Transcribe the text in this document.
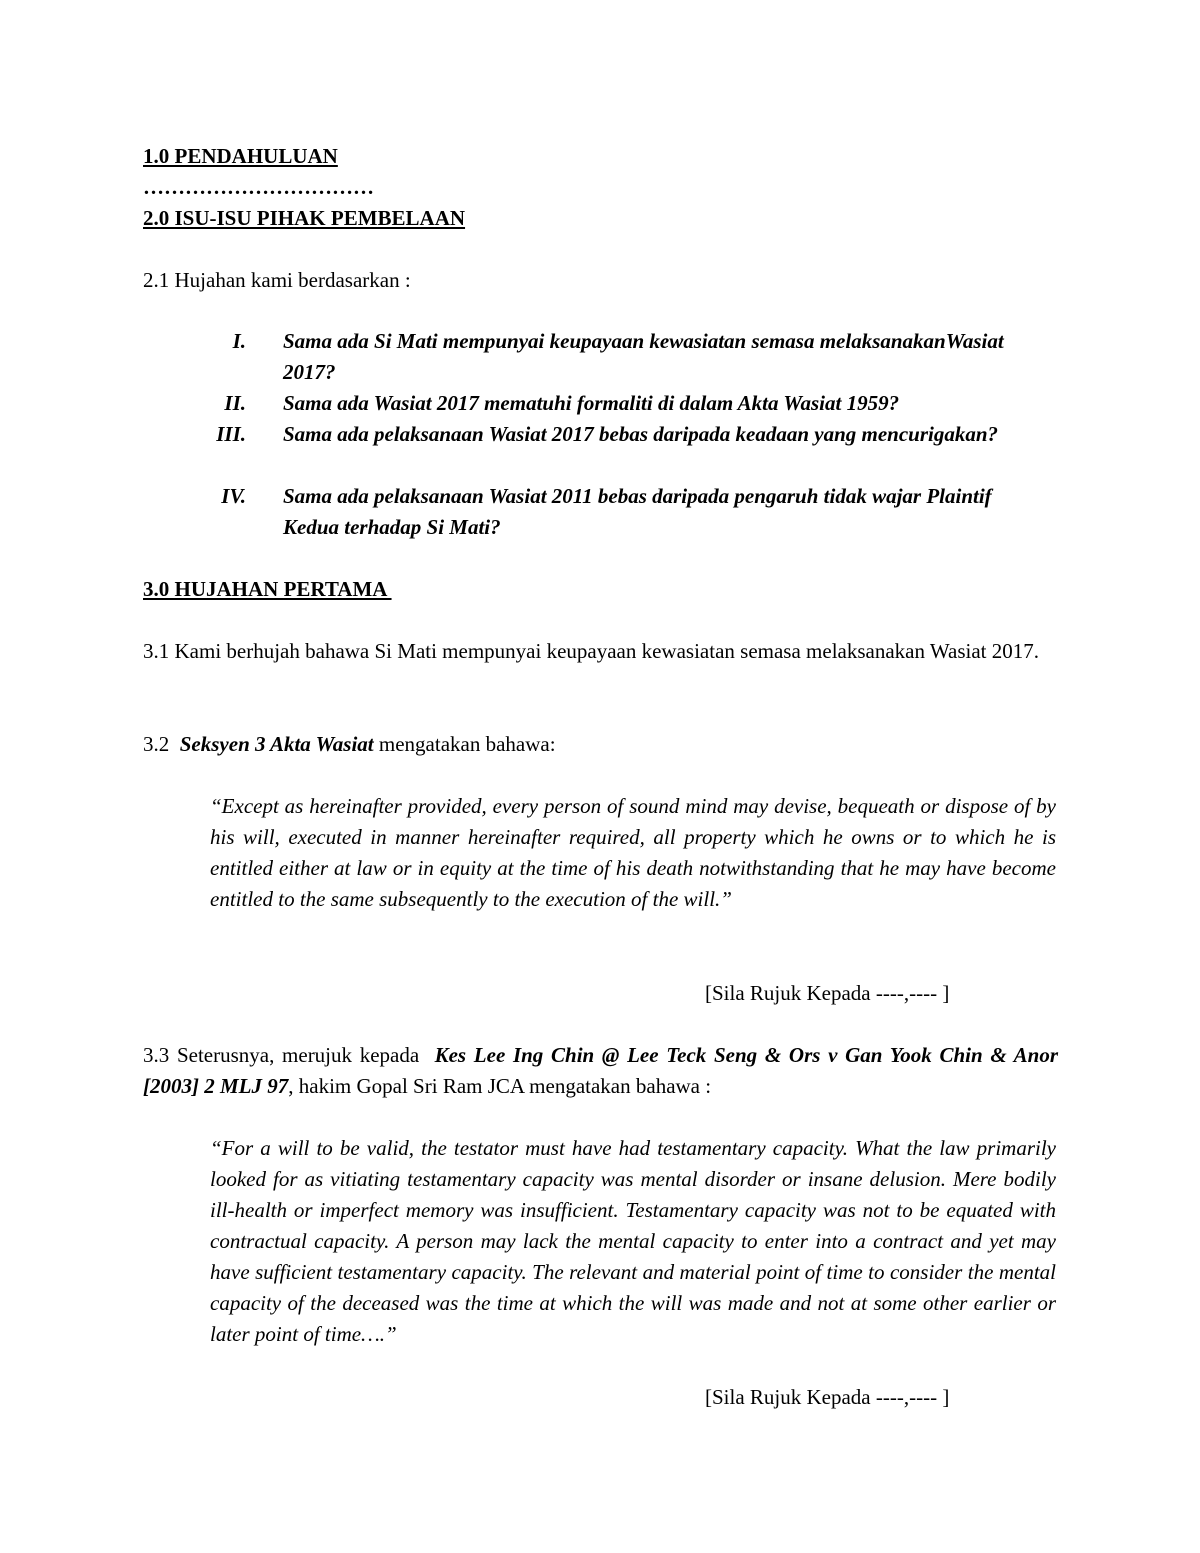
1.0 PENDAHULUAN
……………………………
2.0 ISU-ISU PIHAK PEMBELAAN
2.1 Hujahan kami berdasarkan :
I. Sama ada Si Mati mempunyai keupayaan kewasiatan semasa melaksanakanWasiat 2017?
II. Sama ada Wasiat 2017 mematuhi formaliti di dalam Akta Wasiat 1959?
III. Sama ada pelaksanaan Wasiat 2017 bebas daripada keadaan yang mencurigakan?
IV. Sama ada pelaksanaan Wasiat 2011 bebas daripada pengaruh tidak wajar Plaintif Kedua terhadap Si Mati?
3.0 HUJAHAN PERTAMA
3.1 Kami berhujah bahawa Si Mati mempunyai keupayaan kewasiatan semasa melaksanakan Wasiat 2017.
3.2  Seksyen 3 Akta Wasiat mengatakan bahawa:
“Except as hereinafter provided, every person of sound mind may devise, bequeath or dispose of by his will, executed in manner hereinafter required, all property which he owns or to which he is entitled either at law or in equity at the time of his death notwithstanding that he may have become entitled to the same subsequently to the execution of the will.”
[Sila Rujuk Kepada ----,---- ]
3.3 Seterusnya, merujuk kepada  Kes Lee Ing Chin @ Lee Teck Seng & Ors v Gan Yook Chin & Anor [2003] 2 MLJ 97, hakim Gopal Sri Ram JCA mengatakan bahawa :
“For a will to be valid, the testator must have had testamentary capacity. What the law primarily looked for as vitiating testamentary capacity was mental disorder or insane delusion. Mere bodily ill-health or imperfect memory was insufficient. Testamentary capacity was not to be equated with contractual capacity. A person may lack the mental capacity to enter into a contract and yet may have sufficient testamentary capacity. The relevant and material point of time to consider the mental capacity of the deceased was the time at which the will was made and not at some other earlier or later point of time….”
[Sila Rujuk Kepada ----,---- ]
